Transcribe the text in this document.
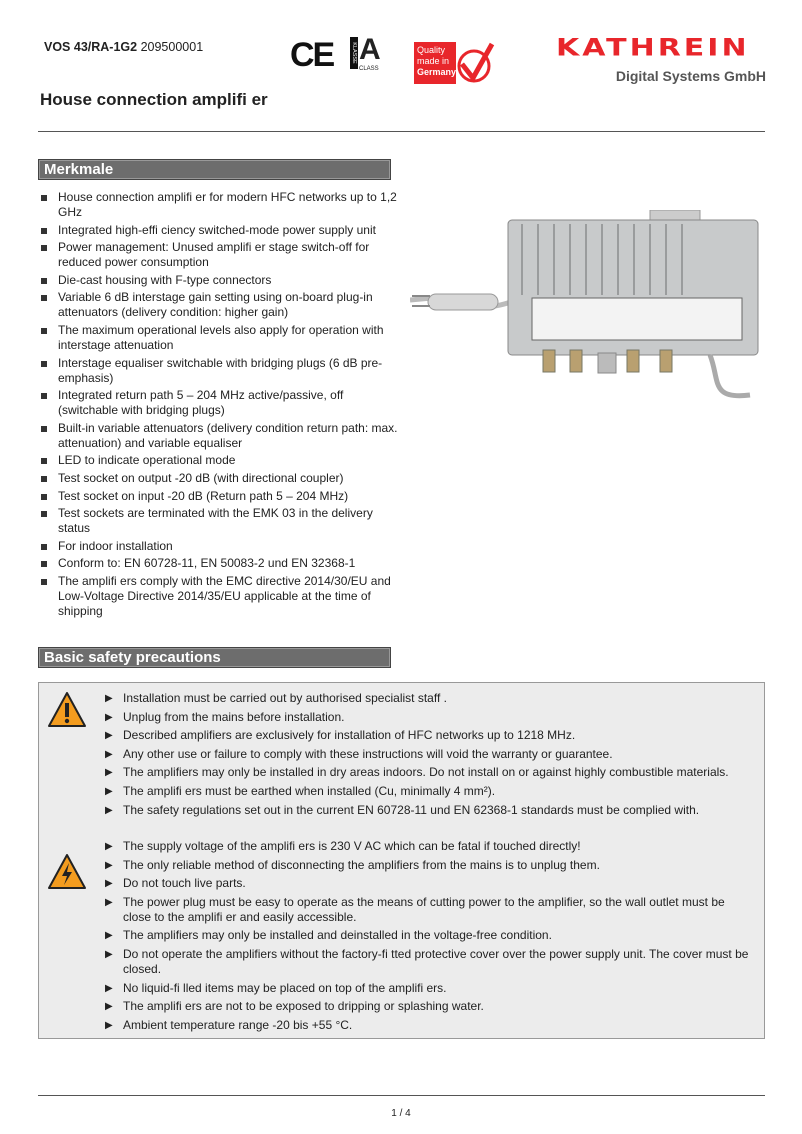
VOS 43/RA-1G2 209500001	CE	KLASSE A
CLASS
Quality
made in
Germany
KATHREIN
Digital Systems GmbH
House connection amplifi er
Merkmale
House connection amplifi er for modern HFC networks up to 1,2 GHz
Integrated high-effi ciency switched-mode power supply unit
Power management: Unused amplifi er stage switch-off for reduced power consumption
Die-cast housing with F-type connectors
Variable 6 dB interstage gain setting using on-board plug-in attenuators (delivery condition: higher gain)
The maximum operational levels also apply for operation with interstage attenuation
Interstage equaliser switchable with bridging plugs (6 dB pre-emphasis)
Integrated return path 5 – 204 MHz active/passive, off (switchable with bridging plugs)
Built-in variable attenuators (delivery condition return path: max. attenuation) and variable equaliser
LED to indicate operational mode
Test socket on output -20 dB (with directional coupler)
Test socket on input -20 dB (Return path 5 – 204 MHz)
Test sockets are terminated with the EMK 03 in the delivery status
For indoor installation
Conform to: EN 60728-11, EN 50083-2 und EN 32368-1
The amplifi ers comply with the EMC directive 2014/30/EU and Low-Voltage Directive 2014/35/EU applicable at the time of shipping
Basic safety precautions
▶ Installation must be carried out by authorised specialist staff .
▶ Unplug from the mains before installation.
▶ Described amplifiers are exclusively for installation of HFC networks up to 1218 MHz.
▶ Any other use or failure to comply with these instructions will void the warranty or guarantee.
▶ The amplifiers may only be installed in dry areas indoors. Do not install on or against highly combustible materials.
▶ The amplifi ers must be earthed when installed (Cu, minimally 4 mm²).
▶ The safety regulations set out in the current EN 60728-11 und EN 62368-1 standards must be complied with.
▶ The supply voltage of the amplifi ers is 230 V AC which can be fatal if touched directly!
▶ The only reliable method of disconnecting the amplifiers from the mains is to unplug them.
▶ Do not touch live parts.
▶ The power plug must be easy to operate as the means of cutting power to the amplifier, so the wall outlet must be close to the amplifi er and easily accessible.
▶ The amplifiers may only be installed and deinstalled in the voltage-free condition.
▶ Do not operate the amplifiers without the factory-fi tted protective cover over the power supply unit. The cover must be closed.
▶ No liquid-fi lled items may be placed on top of the amplifi ers.
▶ The amplifi ers are not to be exposed to dripping or splashing water.
▶ Ambient temperature range -20 bis +55 °C.
1 / 4
